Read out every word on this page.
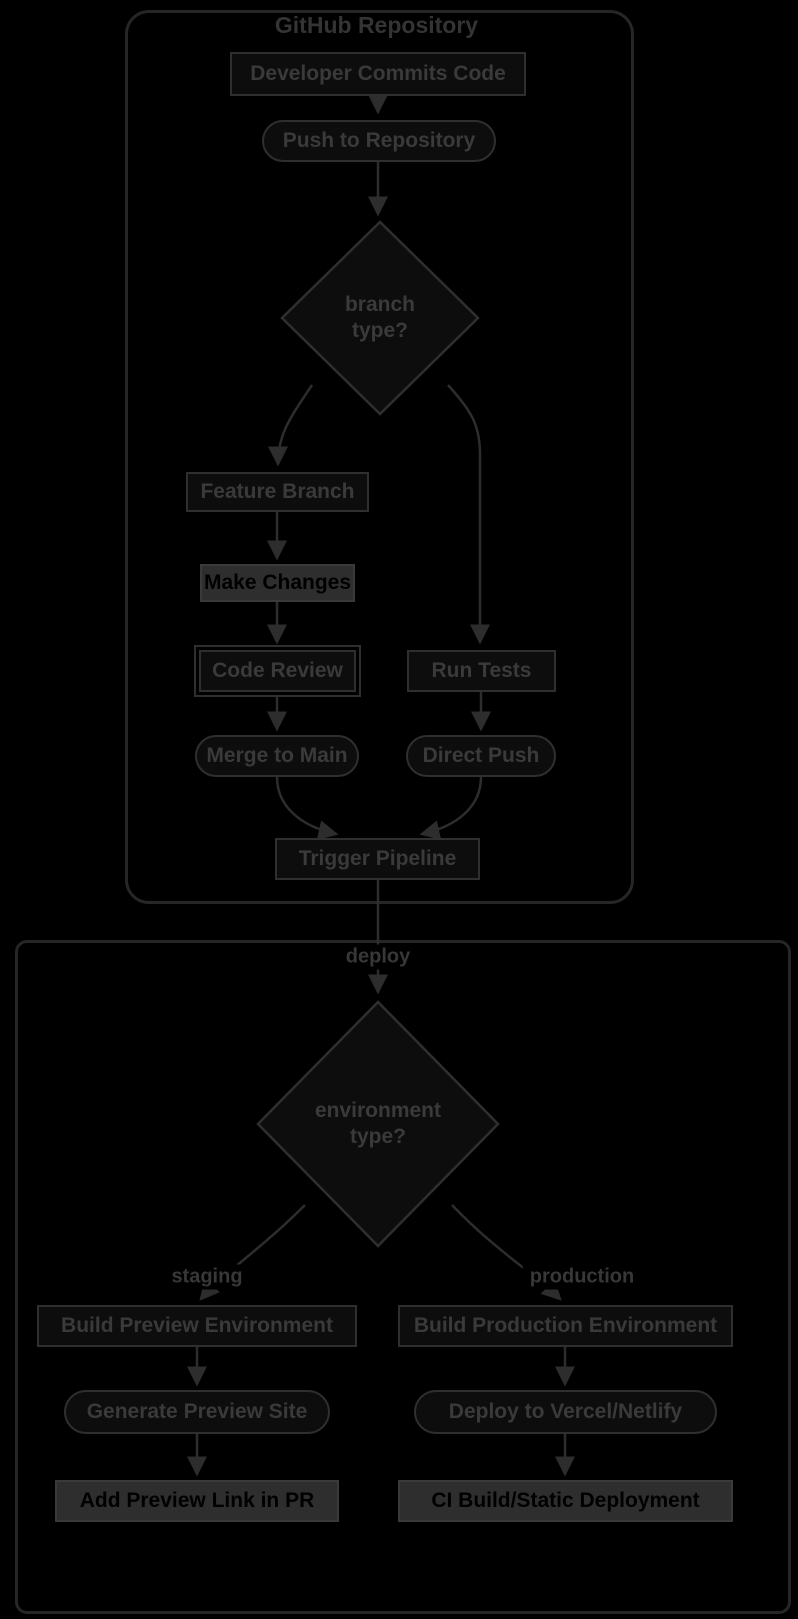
GitHub Repository
Developer Commits Code
Push to Repository
branch type?
Feature Branch
Make Changes
Code Review	Run Tests
Merge to Main	Direct Push
Trigger Pipeline
deploy
staging	production
environment type?
Build Preview Environment	Build Production Environment
Generate Preview Site	Deploy to Vercel/Netlify
Add Preview Link in PR	CI Build/Static Deployment
